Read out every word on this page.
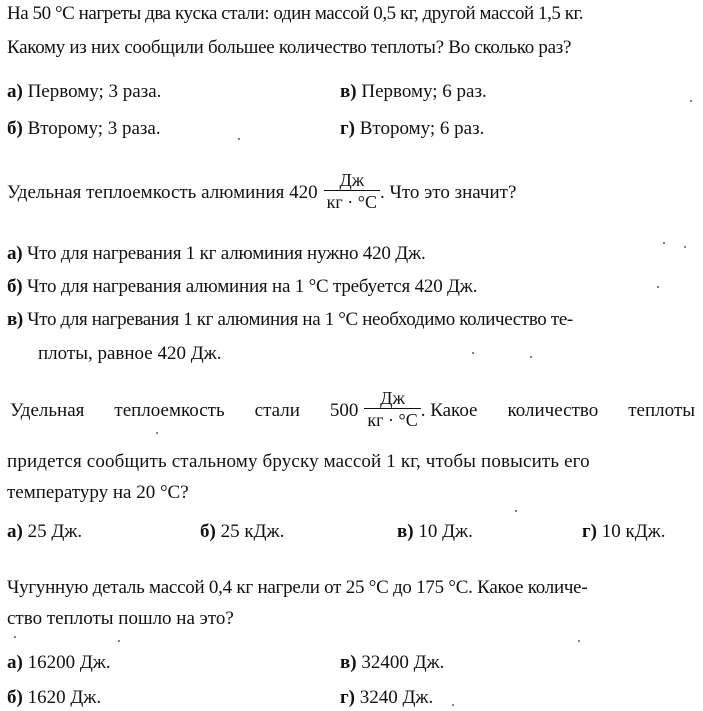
На 50 °С нагреты два куска стали: один массой 0,5 кг, другой массой 1,5 кг.
Какому из них сообщили большее количество теплоты? Во сколько раз?
а) Первому; 3 раза.	в) Первому; 6 раз.
б) Второму; 3 раза.	г) Второму; 6 раз.
Удельная теплоемкость алюминия $420 \frac{Дж}{кг \cdot ^\circ С}$ . Что это значит?
а) Что для нагревания 1 кг алюминия нужно 420 Дж.
б) Что для нагревания алюминия на 1 °С требуется 420 Дж.
в) Что для нагревания 1 кг алюминия на 1 °С необходимо количество те-
плоты, равное 420 Дж.
Удельная теплоемкость стали $500 \frac{Дж}{кг \cdot ^\circ С}$ . Какое количество теплоты
придется сообщить стальному бруску массой 1 кг, чтобы повысить его
температуру на 20 °С?
а) 25 Дж.	б) 25 кДж.	в) 10 Дж.	г) 10 кДж.
Чугунную деталь массой 0,4 кг нагрели от 25 °С до 175 °С. Какое количе-
ство теплоты пошло на это?
а) 16200 Дж.	в) 32400 Дж.
б) 1620 Дж.	г) 3240 Дж.
